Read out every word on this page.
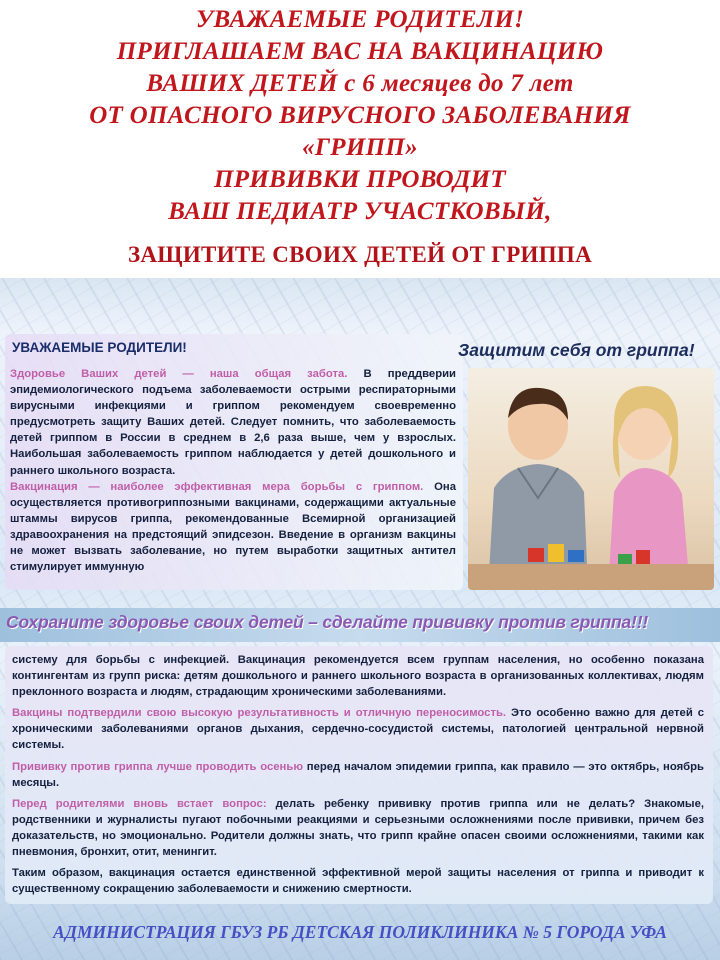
УВАЖАЕМЫЕ РОДИТЕЛИ!
ПРИГЛАШАЕМ ВАС НА ВАКЦИНАЦИЮ
ВАШИХ ДЕТЕЙ с 6 месяцев до 7 лет
ОТ ОПАСНОГО ВИРУСНОГО ЗАБОЛЕВАНИЯ
«ГРИПП»
ПРИВИВКИ ПРОВОДИТ
ВАШ ПЕДИАТР УЧАСТКОВЫЙ,
ЗАЩИТИТЕ СВОИХ ДЕТЕЙ ОТ ГРИППА
УВАЖАЕМЫЕ РОДИТЕЛИ!	Защитим себя от гриппа!
Здоровье Ваших детей — наша общая забота. В преддверии эпидемиологического подъема заболеваемости острыми респираторными вирусными инфекциями и гриппом рекомендуем своевременно предусмотреть защиту Ваших детей. Следует помнить, что заболеваемость детей гриппом в России в среднем в 2,6 раза выше, чем у взрослых. Наибольшая заболеваемость гриппом наблюдается у детей дошкольного и раннего школьного возраста.
Вакцинация — наиболее эффективная мера борьбы с гриппом. Она осуществляется противогриппозными вакцинами, содержащими актуальные штаммы вирусов гриппа, рекомендованные Всемирной организацией здравоохранения на предстоящий эпидсезон. Введение в организм вакцины не может вызвать заболевание, но путем выработки защитных антител стимулирует иммунную
Сохраните здоровье своих детей – сделайте прививку против гриппа!!!

систему для борьбы с инфекцией. Вакцинация рекомендуется всем группам населения, но особенно показана контингентам из групп риска: детям дошкольного и раннего школьного возраста в организованных коллективах, людям преклонного возраста и людям, страдающим хроническими заболеваниями.

Вакцины подтвердили свою высокую результативность и отличную переносимость. Это особенно важно для детей с хроническими заболеваниями органов дыхания, сердечно-сосудистой системы, патологией центральной нервной системы.

Прививку против гриппа лучше проводить осенью перед началом эпидемии гриппа, как правило — это октябрь, ноябрь месяцы.

Перед родителями вновь встает вопрос: делать ребенку прививку против гриппа или не делать? Знакомые, родственники и журналисты пугают побочными реакциями и серьезными осложнениями после прививки, причем без доказательств, но эмоционально. Родители должны знать, что грипп крайне опасен своими осложнениями, такими как пневмония, бронхит, отит, менингит.

Таким образом, вакцинация остается единственной эффективной мерой защиты населения от гриппа и приводит к существенному сокращению заболеваемости и снижению смертности.

АДМИНИСТРАЦИЯ ГБУЗ РБ ДЕТСКАЯ ПОЛИКЛИНИКА № 5 ГОРОДА УФА
